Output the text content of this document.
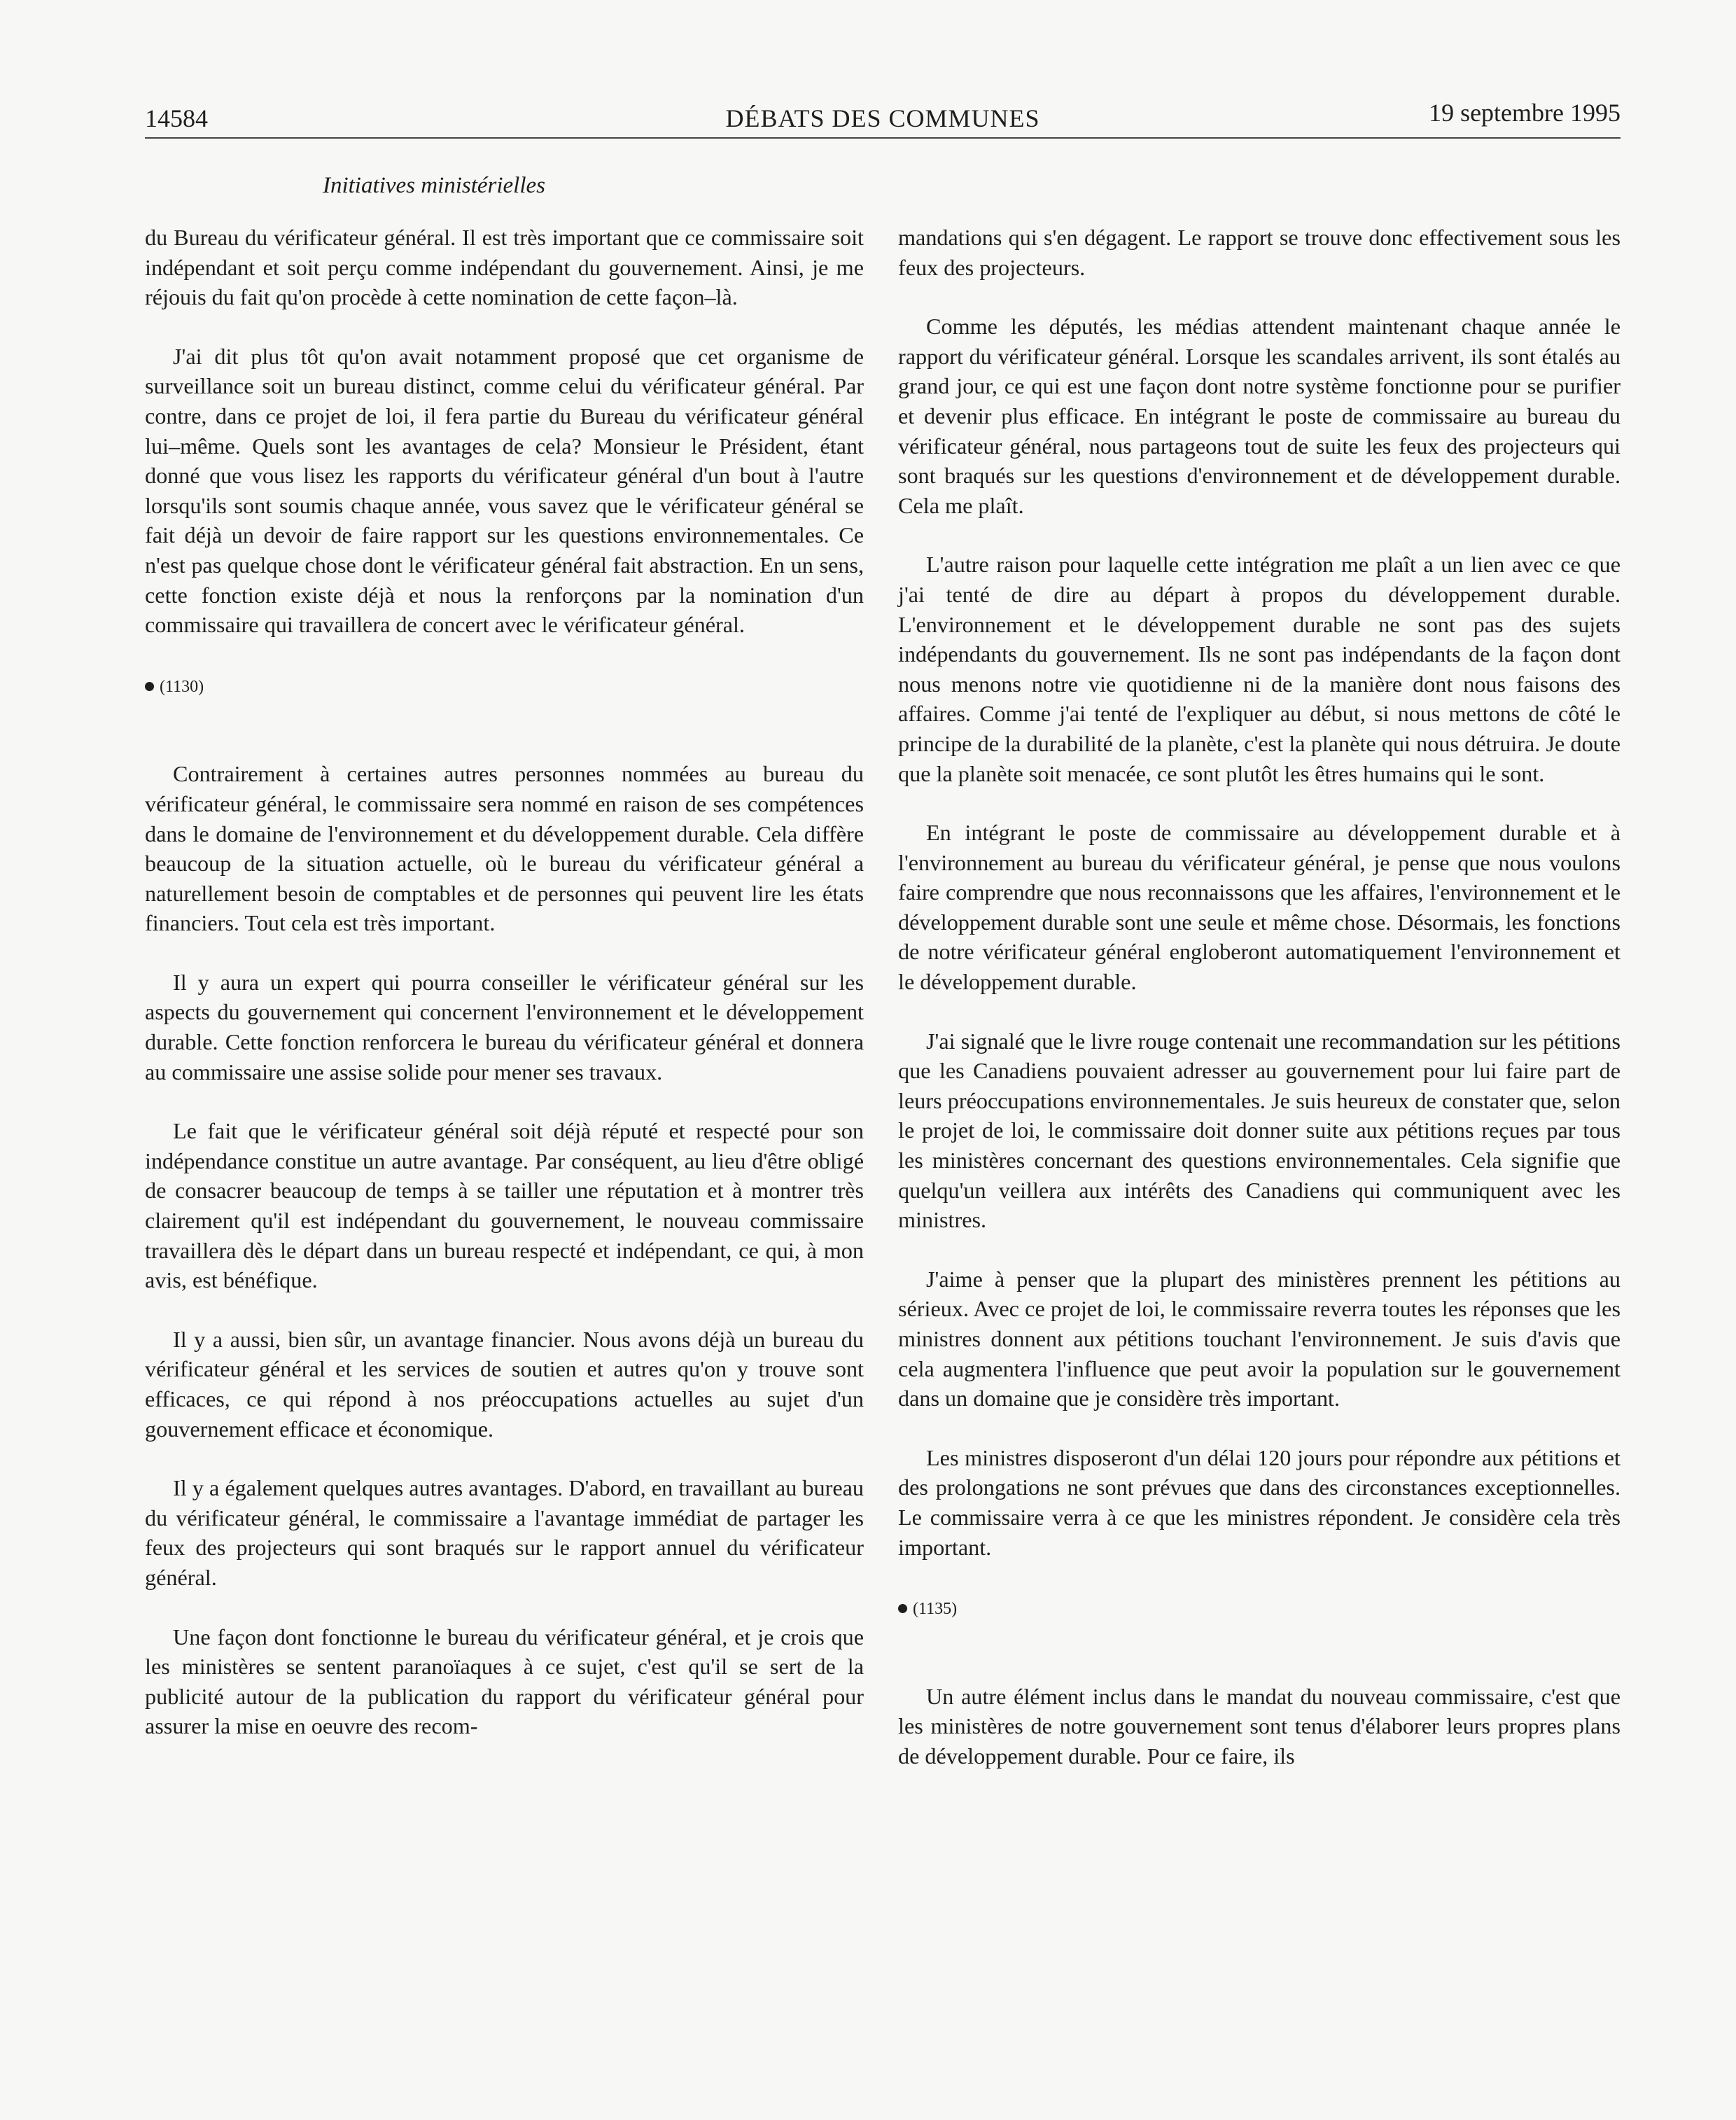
14584	DÉBATS DES COMMUNES	19 septembre 1995
Initiatives ministérielles

du Bureau du vérificateur général. Il est très important que ce commissaire soit indépendant et soit perçu comme indépendant du gouvernement. Ainsi, je me réjouis du fait qu'on procède à cette nomination de cette façon–là.

J'ai dit plus tôt qu'on avait notamment proposé que cet organisme de surveillance soit un bureau distinct, comme celui du vérificateur général. Par contre, dans ce projet de loi, il fera partie du Bureau du vérificateur général lui–même. Quels sont les avantages de cela? Monsieur le Président, étant donné que vous lisez les rapports du vérificateur général d'un bout à l'autre lorsqu'ils sont soumis chaque année, vous savez que le vérificateur général se fait déjà un devoir de faire rapport sur les questions environnementales. Ce n'est pas quelque chose dont le vérificateur général fait abstraction. En un sens, cette fonction existe déjà et nous la renforçons par la nomination d'un commissaire qui travaillera de concert avec le vérificateur général.

(1130)

Contrairement à certaines autres personnes nommées au bureau du vérificateur général, le commissaire sera nommé en raison de ses compétences dans le domaine de l'environnement et du développement durable. Cela diffère beaucoup de la situation actuelle, où le bureau du vérificateur général a naturellement besoin de comptables et de personnes qui peuvent lire les états financiers. Tout cela est très important.

Il y aura un expert qui pourra conseiller le vérificateur général sur les aspects du gouvernement qui concernent l'environnement et le développement durable. Cette fonction renforcera le bureau du vérificateur général et donnera au commissaire une assise solide pour mener ses travaux.

Le fait que le vérificateur général soit déjà réputé et respecté pour son indépendance constitue un autre avantage. Par conséquent, au lieu d'être obligé de consacrer beaucoup de temps à se tailler une réputation et à montrer très clairement qu'il est indépendant du gouvernement, le nouveau commissaire travaillera dès le départ dans un bureau respecté et indépendant, ce qui, à mon avis, est bénéfique.

Il y a aussi, bien sûr, un avantage financier. Nous avons déjà un bureau du vérificateur général et les services de soutien et autres qu'on y trouve sont efficaces, ce qui répond à nos préoccupations actuelles au sujet d'un gouvernement efficace et économique.

Il y a également quelques autres avantages. D'abord, en travaillant au bureau du vérificateur général, le commissaire a l'avantage immédiat de partager les feux des projecteurs qui sont braqués sur le rapport annuel du vérificateur général.

Une façon dont fonctionne le bureau du vérificateur général, et je crois que les ministères se sentent paranoïaques à ce sujet, c'est qu'il se sert de la publicité autour de la publication du rapport du vérificateur général pour assurer la mise en oeuvre des recom-

mandations qui s'en dégagent. Le rapport se trouve donc effectivement sous les feux des projecteurs.

Comme les députés, les médias attendent maintenant chaque année le rapport du vérificateur général. Lorsque les scandales arrivent, ils sont étalés au grand jour, ce qui est une façon dont notre système fonctionne pour se purifier et devenir plus efficace. En intégrant le poste de commissaire au bureau du vérificateur général, nous partageons tout de suite les feux des projecteurs qui sont braqués sur les questions d'environnement et de développement durable. Cela me plaît.

L'autre raison pour laquelle cette intégration me plaît a un lien avec ce que j'ai tenté de dire au départ à propos du développement durable. L'environnement et le développement durable ne sont pas des sujets indépendants du gouvernement. Ils ne sont pas indépendants de la façon dont nous menons notre vie quotidienne ni de la manière dont nous faisons des affaires. Comme j'ai tenté de l'expliquer au début, si nous mettons de côté le principe de la durabilité de la planète, c'est la planète qui nous détruira. Je doute que la planète soit menacée, ce sont plutôt les êtres humains qui le sont.

En intégrant le poste de commissaire au développement durable et à l'environnement au bureau du vérificateur général, je pense que nous voulons faire comprendre que nous reconnaissons que les affaires, l'environnement et le développement durable sont une seule et même chose. Désormais, les fonctions de notre vérificateur général engloberont automatiquement l'environnement et le développement durable.

J'ai signalé que le livre rouge contenait une recommandation sur les pétitions que les Canadiens pouvaient adresser au gouvernement pour lui faire part de leurs préoccupations environnementales. Je suis heureux de constater que, selon le projet de loi, le commissaire doit donner suite aux pétitions reçues par tous les ministères concernant des questions environnementales. Cela signifie que quelqu'un veillera aux intérêts des Canadiens qui communiquent avec les ministres.

J'aime à penser que la plupart des ministères prennent les pétitions au sérieux. Avec ce projet de loi, le commissaire reverra toutes les réponses que les ministres donnent aux pétitions touchant l'environnement. Je suis d'avis que cela augmentera l'influence que peut avoir la population sur le gouvernement dans un domaine que je considère très important.

Les ministres disposeront d'un délai 120 jours pour répondre aux pétitions et des prolongations ne sont prévues que dans des circonstances exceptionnelles. Le commissaire verra à ce que les ministres répondent. Je considère cela très important.

(1135)

Un autre élément inclus dans le mandat du nouveau commissaire, c'est que les ministères de notre gouvernement sont tenus d'élaborer leurs propres plans de développement durable. Pour ce faire, ils
